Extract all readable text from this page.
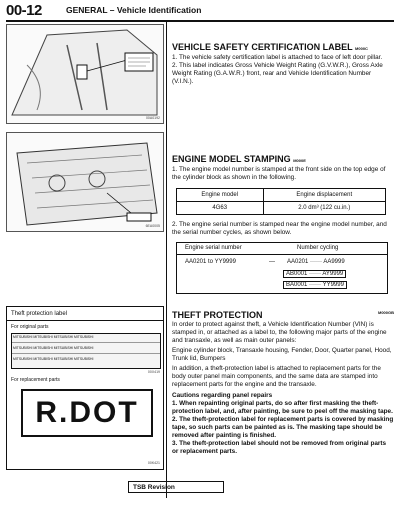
00-12	GENERAL – Vehicle Identification
00A0192
6EA0005
Theft protection label
For original parts
MITSUBISHI MITSUBISHI MITSUBISHI MITSUBISHI
MITSUBISHI MITSUBISHI MITSUBISHI MITSUBISHI
MITSUBISHI MITSUBISHI MITSUBISHI MITSUBISHI
00X419
For replacement parts
R.DOT
00K421
VEHICLE SAFETY CERTIFICATION LABEL M000C
1. The vehicle safety certification label is attached to face of left door pillar.
2. This label indicates Gross Vehicle Weight Rating (G.V.W.R.), Gross Axle Weight Rating (G.A.W.R.) front, rear and Vehicle Identification Number (V.I.N.).
ENGINE MODEL STAMPING M000E
1. The engine model number is stamped at the front side on the top edge of the cylinder block as shown in the following.
Engine model	Engine displacement
4G63	2.0 dm³ (122 cu.in.)
2. The engine serial number is stamped near the engine model number, and the serial number cycles, as shown below.
Engine serial number	Number cycling
AA0201 to YY9999	— AA0201 ······ AA9999
AB0001 ······ AY9999
BA0001 ······ YY9999
THEFT PROTECTION	M000GB
In order to protect against theft, a Vehicle Identification Number (VIN) is stamped in, or attached as a label to, the following major parts of the engine and transaxle, as well as main outer panels:
Engine cylinder block, Transaxle housing, Fender, Door, Quarter panel, Hood, Trunk lid, Bumpers
In addition, a theft-protection label is attached to replacement parts for the body outer panel main components, and the same data are stamped into replacement parts for the engine and the transaxle.
Cautions regarding panel repairs
1. When repainting original parts, do so after first masking the theft-protection label, and, after painting, be sure to peel off the masking tape.
2. The theft-protection label for replacement parts is covered by masking tape, so such parts can be painted as is. The masking tape should be removed after painting is finished.
3. The theft-protection label should not be removed from original parts or replacement parts.
TSB Revision
